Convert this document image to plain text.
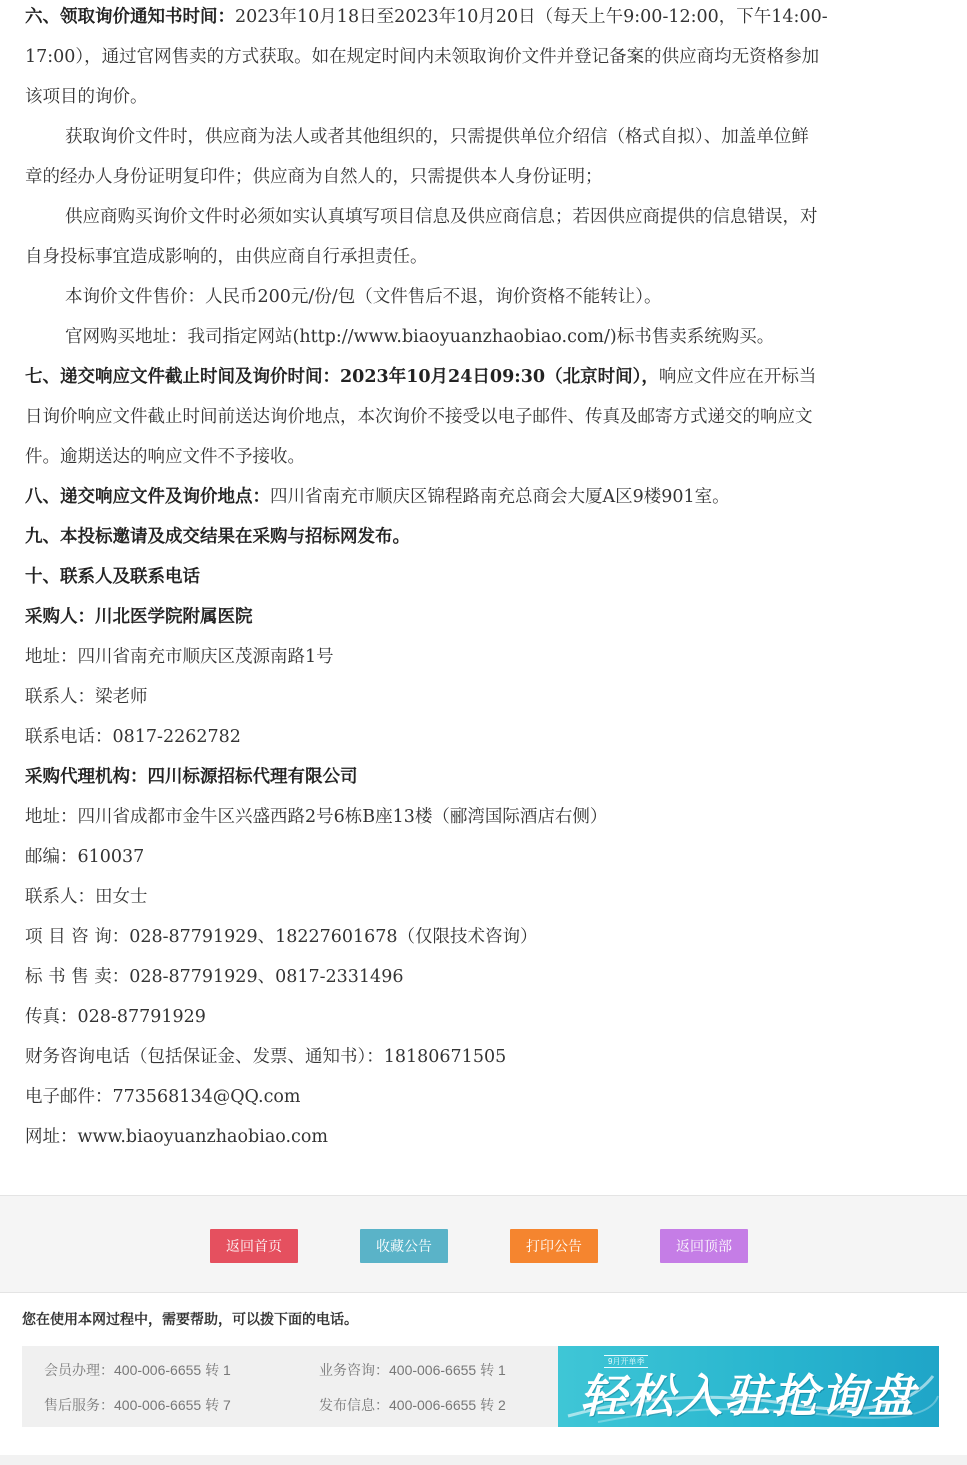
六、领取询价通知书时间：2023年10月18日至2023年10月20日（每天上午9:00-12:00，下午14:00-
17:00），通过官网售卖的方式获取。如在规定时间内未领取询价文件并登记备案的供应商均无资格参加
该项目的询价。
获取询价文件时，供应商为法人或者其他组织的，只需提供单位介绍信（格式自拟）、加盖单位鲜
章的经办人身份证明复印件；供应商为自然人的，只需提供本人身份证明；
供应商购买询价文件时必须如实认真填写项目信息及供应商信息；若因供应商提供的信息错误，对
自身投标事宜造成影响的，由供应商自行承担责任。
本询价文件售价：人民币200元/份/包（文件售后不退，询价资格不能转让）。
官网购买地址：我司指定网站(http://www.biaoyuanzhaobiao.com/)标书售卖系统购买。
七、递交响应文件截止时间及询价时间：2023年10月24日09:30（北京时间），响应文件应在开标当
日询价响应文件截止时间前送达询价地点，本次询价不接受以电子邮件、传真及邮寄方式递交的响应文
件。逾期送达的响应文件不予接收。
八、递交响应文件及询价地点：四川省南充市顺庆区锦程路南充总商会大厦A区9楼901室。
九、本投标邀请及成交结果在采购与招标网发布。
十、联系人及联系电话
采购人：川北医学院附属医院
地址：四川省南充市顺庆区茂源南路1号
联系人：梁老师
联系电话：0817-2262782
采购代理机构：四川标源招标代理有限公司
地址：四川省成都市金牛区兴盛西路2号6栋B座13楼（郦湾国际酒店右侧）
邮编：610037
联系人：田女士
项 目 咨 询：028-87791929、18227601678（仅限技术咨询）
标 书 售 卖：028-87791929、0817-2331496
传真：028-87791929
财务咨询电话（包括保证金、发票、通知书）：18180671505
电子邮件：773568134@QQ.com
网址：www.biaoyuanzhaobiao.com
返回首页	收藏公告	打印公告	返回顶部
您在使用本网过程中，需要帮助，可以拨下面的电话。
会员办理：400-006-6655 转 1	业务咨询：400-006-6655 转 1
售后服务：400-006-6655 转 7	发布信息：400-006-6655 转 2
9月开单季
轻松入驻抢询盘
